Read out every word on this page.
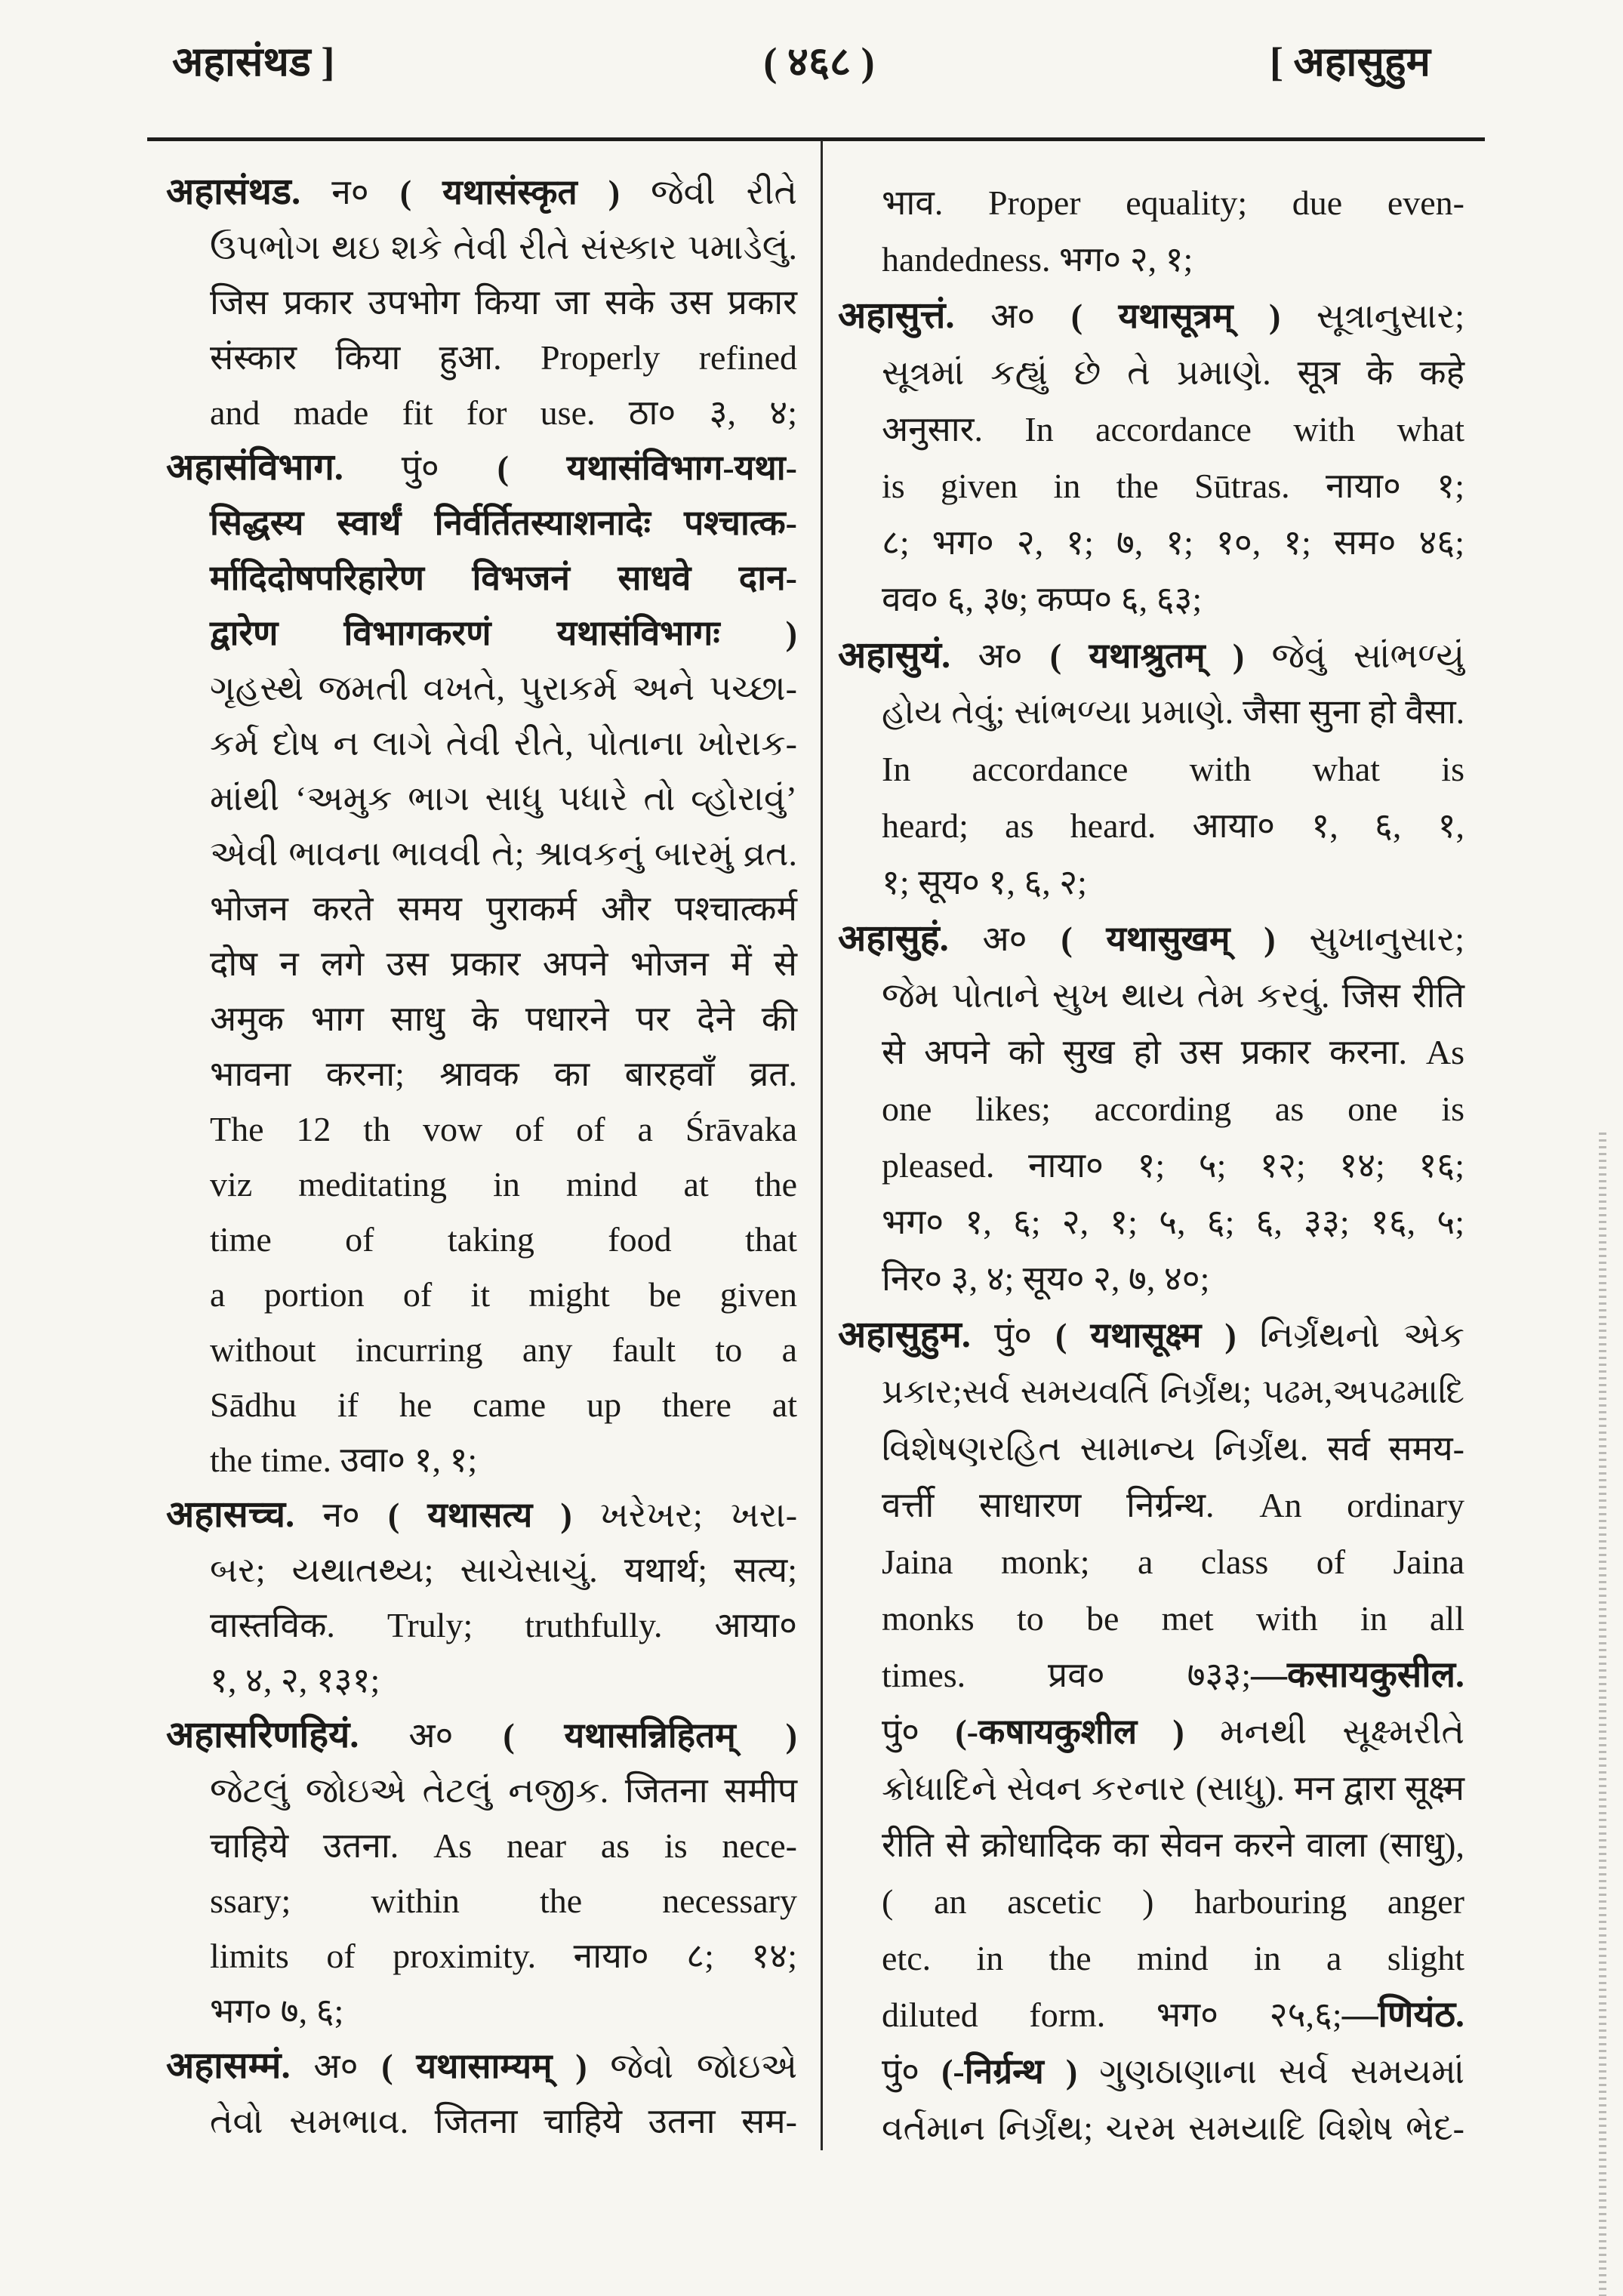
अहासंथड ]	( ४६८ )	[ अहासुहुम
अहासंथड. न० ( यथासंस्कृत ) જેવી રીતે
ઉપભોગ થઇ શકે તેવી રીતે સંસ્કાર પમાડેલું.
जिस प्रकार उपभोग किया जा सके उस प्रकार
संस्कार किया हुआ. Properly refined
and made fit for use. ठा० ३, ४;
अहासंविभाग. पुं० ( यथासंविभाग-यथा-
सिद्धस्य स्वार्थं निर्वर्तितस्याशनादेः पश्चात्क-
र्मादिदोषपरिहारेण विभजनं साधवे दान-
द्वारेण विभागकरणं यथासंविभागः )
ગૃહસ્થે જમતી વખતે, પુરાકર્મ અને પચ્છા-
કર્મ દોષ ન લાગે તેવી રીતે, પોતાના ખોરાક-
માંથી ‘અમુક ભાગ સાધુ પધારે તો વ્હોરાવું’
એવી ભાવના ભાવવી તે; શ્રાવકનું બારમું વ્રત.
भोजन करते समय पुराकर्म और पश्चात्कर्म
दोष न लगे उस प्रकार अपने भोजन में से
अमुक भाग साधु के पधारने पर देने की
भावना करना; श्रावक का बारहवाँ व्रत.
The 12 th vow of of a Śrāvaka
viz meditating in mind at the
time of taking food that
a portion of it might be given
without incurring any fault to a
Sādhu if he came up there at
the time. उवा० १, १;
अहासच्च. न० ( यथासत्य ) ખરેખર; ખરા-
બર; યથાતથ્ય; સાચેસાચું. यथार्थ; सत्य;
वास्तविक. Truly; truthfully. आया०
१, ४, २, १३१;
अहासरिणहियं. अ० ( यथासन्निहितम् )
જેટલું જોઇએ તેટલું નજીક. जितना समीप
चाहिये उतना. As near as is nece-
ssary; within the necessary
limits of proximity. नाया० ८; १४;
भग० ७, ६;
अहासम्मं. अ० ( यथासाम्यम् ) જેવો જોઇએ
તેવો સમભાવ. जितना चाहिये उतना सम-
भाव. Proper equality; due even-
handedness. भग० २, १;
अहासुत्तं. अ० ( यथासूत्रम् ) સૂત્રાનુસાર;
સૂત્રમાં કહ્યું છે તે પ્રમાણે. सूत्र के कहे
अनुसार. In accordance with what
is given in the Sūtras. नाया० १;
८; भग० २, १; ७, १; १०, १; सम० ४६;
वव० ६, ३७; कप्प० ६, ६३;
अहासुयं. अ० ( यथाश्रुतम् ) જેવું સાંભળ્યું
હોય તેવું; સાંભળ્યા પ્રમાણે. जैसा सुना हो वैसा.
In accordance with what is
heard; as heard. आया० १, ६, १,
१; सूय० १, ६, २;
अहासुहं. अ० ( यथासुखम् ) સુખાનુસાર;
જેમ પોતાને સુખ થાય તેમ કરવું. जिस रीति
से अपने को सुख हो उस प्रकार करना. As
one likes; according as one is
pleased. नाया० १; ५; १२; १४; १६;
भग० १, ६; २, १; ५, ६; ६, ३३; १६, ५;
निर० ३, ४; सूय० २, ७, ४०;
अहासुहुम. पुं० ( यथासूक्ष्म ) નિર્ગ્રંથનો એક
પ્રકાર;સર્વ સમયવર્તિ નિર્ગ્રંથ; પઢમ,અપઢમાદિ
વિશેષણરહિત સામાન્ય નિર્ગ્રંથ. सर्व समय-
वर्त्ती साधारण निर्ग्रन्थ. An ordinary
Jaina monk; a class of Jaina
monks to be met with in all
times. प्रव० ७३३;—कसायकुसील.
पुं० (-कषायकुशील ) મનથી સૂક્ષ્મરીતે
ક્રોધાદિને સેવન કરનાર (સાધુ). मन द्वारा सूक्ष्म
रीति से क्रोधादिक का सेवन करने वाला (साधु),
( an ascetic ) harbouring anger
etc. in the mind in a slight
diluted form. भग० २५,६;—णियंठ.
पुं० (-निर्ग्रन्थ ) ગુણઠાણાના સર્વ સમયમાં
વર્તમાન નિર્ગ્રંથ; ચરમ સમયાદિ વિશેષ ભેદ-
